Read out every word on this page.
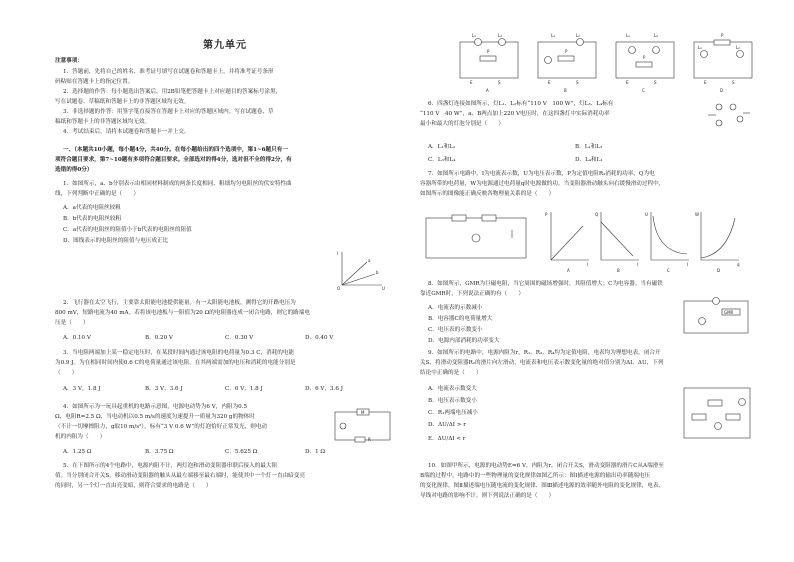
第九单元
注意事项：
1．答题前，先将自己的姓名、准考证号填写在试题卷和答题卡上，并将准考证号条形
码粘贴在答题卡上的指定位置。
2．选择题的作答：每小题选出答案后，用2B铅笔把答题卡上对应题目的答案标号涂黑，
写在试题卷、草稿纸和答题卡上的非答题区域均无效。
3．非选择题的作答：用签字笔直接答在答题卡上对应的答题区域内。写在试题卷、草
稿纸和答题卡上的非答题区域均无效。
4．考试结束后，请将本试题卷和答题卡一并上交。
一、（本题共10小题，每小题4分，共40分。在每小题给出的四个选项中，第1~6题只有一
项符合题目要求，第7~10题有多项符合题目要求。全部选对的得4分，选对但不全的得2分，有
选错的得0分）
1．如图所示，a、b分别表示由相同材料制成的两条长度相同、粗细均匀电阻丝的伏安特性曲
线，下列判断中正确的是（　　）
A．a代表的电阻丝较粗
B．b代表的电阻丝较粗
C．a代表的电阻丝的阻值小于b代表的电阻丝的阻值
D．图线表示的电阻丝的阻值与电压成正比
I
U
a
b
O
2．飞行器在太空飞行，主要靠太阳能电池提供能量。有一太阳能电池板，测得它的开路电压为
800 mV，短路电流为40 mA。若将该电池板与一阻值为20 Ω的电阻器连成一闭合电路，则它的路端电
压是（　　）
A．0.10 V	B．0.20 V	C．0.30 V	D．0.40 V
3．当电阻两端加上某一稳定电压时，在某段时间内通过该电阻的电荷量为0.3 C，消耗的电能
为0.9 J。为在相同时间内使0.6 C的电荷量通过该电阻，在其两端需加的电压和消耗的电能分别是
（　　）
A．3 V，1.8 J	B．3 V，3.6 J	C．6 V，1.8 J	D．6 V，3.6 J
4．如图所示为一玩具起重机的电路示意图，电源电动势为6 V，内阻为0.5
Ω，电阻R=2.5 Ω，当电动机以0.5 m/s的速度匀速提升一质量为320 g的物体时
（不计一切摩擦阻力，g取10 m/s²），标有“3 V 0.6 W”的灯泡恰好正常发光，则电动
机的内阻为（　　）
M
R
A．1.25 Ω	B．3.75 Ω	C．5.625 Ω	D．1 Ω
5．在下图所示的4个电路中，电源内阻不计，两灯泡和滑动变阻器串联后接入的最大阻
值。当分别闭合开关S，移动滑动变阻器的触头从最左端移至最右端时，能使其中一个灯一直由暗变亮
的同时，另一个灯一直由亮变暗，则符合要求的电路是（　　）
L₁	L₂
P
E	S
A
L₁	L₂
P
E	S
B
L₁	L₂
P
E	S
C
L₁	L₂
P
E	S
D
6．四盏灯连接如图所示，灯L₁、L₂标有“110 V　100 W”，灯L₃、L₄标有
“110 V　40 W”，a、B两点加上220 V电压时，在这四盏灯中实际消耗功率
最小和最大的灯泡分别是（　　）
A．L₁和L₂	B．L₁和L₃
C．L₃和L₄	D．L₄和L₁
7．如图所示电路中，I为电流表示数，U为电压表示数，P为定值电阻R₂消耗的功率，Q为电
容器所带的电荷量，W为电源通过电荷量q时电源做的功。当变阻器滑动触头向右缓慢滑动过程中，
如图所示的图像能正确反映各物理量关系的是（　　）
P
I
A
Q
I
B
U
I
C
W
q
D
8．如图所示，GMR为巨磁电阻，当它周围的磁场增强时，其阻值增大；C为电容器。当有磁铁
靠近GMR时，下列说法正确的有（　　）
A．电流表的示数减小
B．电容器C的电荷量增大
C．电压表的示数变小
D．电源内部消耗的功率变大
GMR
9．如图所示的电路中，电源内阻为r，R₁、R₃、R₄均为定值电阻，电表均为理想电表。闭合开
关S，将滑动变阻器R₂的滑片向左滑动，电流表和电压表示数变化量的绝对值分别为ΔI、ΔU，下列
结论中正确的是（　　）
A．电流表示数变大
B．电压表示数变小
C．R₁两端电压减小
D．ΔU/ΔI > r
E．ΔU/ΔI < r
10．如图甲所示，电源的电动势E=6 V，内阻为r，闭合开关S，滑动变阻器的滑片C从A端滑至
B端的过程中，电路中的一些物理量的变化规律如图乙所示：图Ⅰ描述电源的输出功率随端电压
的变化规律，图Ⅱ描述端电压随电流的变化规律、图Ⅲ描述电源的效率随外电阻的变化规律，电表、
导线对电路的影响不计。则下列说法正确的是（　　）
